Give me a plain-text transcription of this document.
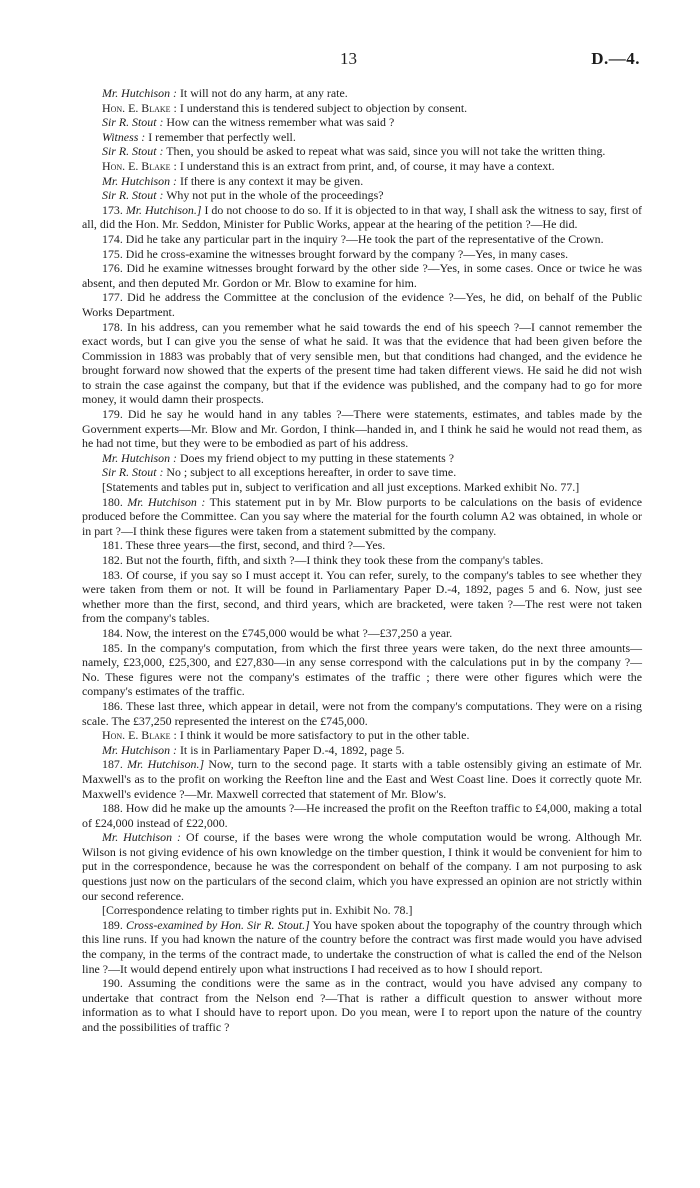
13	D.—4.

Mr. Hutchison : It will not do any harm, at any rate.

Hon. E. Blake : I understand this is tendered subject to objection by consent.

Sir R. Stout : How can the witness remember what was said ?

Witness : I remember that perfectly well.

Sir R. Stout : Then, you should be asked to repeat what was said, since you will not take the written thing.

Hon. E. Blake : I understand this is an extract from print, and, of course, it may have a context.

Mr. Hutchison : If there is any context it may be given.

Sir R. Stout : Why not put in the whole of the proceedings?

173. Mr. Hutchison.] I do not choose to do so. If it is objected to in that way, I shall ask the witness to say, first of all, did the Hon. Mr. Seddon, Minister for Public Works, appear at the hearing of the petition ?—He did.

174. Did he take any particular part in the inquiry ?—He took the part of the representative of the Crown.

175. Did he cross-examine the witnesses brought forward by the company ?—Yes, in many cases.

176. Did he examine witnesses brought forward by the other side ?—Yes, in some cases. Once or twice he was absent, and then deputed Mr. Gordon or Mr. Blow to examine for him.

177. Did he address the Committee at the conclusion of the evidence ?—Yes, he did, on behalf of the Public Works Department.

178. In his address, can you remember what he said towards the end of his speech ?—I cannot remember the exact words, but I can give you the sense of what he said. It was that the evidence that had been given before the Commission in 1883 was probably that of very sensible men, but that conditions had changed, and the evidence he brought forward now showed that the experts of the present time had taken different views. He said he did not wish to strain the case against the company, but that if the evidence was published, and the company had to go for more money, it would damn their prospects.

179. Did he say he would hand in any tables ?—There were statements, estimates, and tables made by the Government experts—Mr. Blow and Mr. Gordon, I think—handed in, and I think he said he would not read them, as he had not time, but they were to be embodied as part of his address.

Mr. Hutchison : Does my friend object to my putting in these statements ?

Sir R. Stout : No ; subject to all exceptions hereafter, in order to save time.

[Statements and tables put in, subject to verification and all just exceptions. Marked exhibit No. 77.]

180. Mr. Hutchison : This statement put in by Mr. Blow purports to be calculations on the basis of evidence produced before the Committee. Can you say where the material for the fourth column A2 was obtained, in whole or in part ?—I think these figures were taken from a statement submitted by the company.

181. These three years—the first, second, and third ?—Yes.

182. But not the fourth, fifth, and sixth ?—I think they took these from the company's tables.

183. Of course, if you say so I must accept it. You can refer, surely, to the company's tables to see whether they were taken from them or not. It will be found in Parliamentary Paper D.-4, 1892, pages 5 and 6. Now, just see whether more than the first, second, and third years, which are bracketed, were taken ?—The rest were not taken from the company's tables.

184. Now, the interest on the £745,000 would be what ?—£37,250 a year.

185. In the company's computation, from which the first three years were taken, do the next three amounts—namely, £23,000, £25,300, and £27,830—in any sense correspond with the calculations put in by the company ?—No. These figures were not the company's estimates of the traffic ; there were other figures which were the company's estimates of the traffic.

186. These last three, which appear in detail, were not from the company's computations. They were on a rising scale. The £37,250 represented the interest on the £745,000.

Hon. E. Blake : I think it would be more satisfactory to put in the other table.

Mr. Hutchison : It is in Parliamentary Paper D.-4, 1892, page 5.

187. Mr. Hutchison.] Now, turn to the second page. It starts with a table ostensibly giving an estimate of Mr. Maxwell's as to the profit on working the Reefton line and the East and West Coast line. Does it correctly quote Mr. Maxwell's evidence ?—Mr. Maxwell corrected that statement of Mr. Blow's.

188. How did he make up the amounts ?—He increased the profit on the Reefton traffic to £4,000, making a total of £24,000 instead of £22,000.

Mr. Hutchison : Of course, if the bases were wrong the whole computation would be wrong. Although Mr. Wilson is not giving evidence of his own knowledge on the timber question, I think it would be convenient for him to put in the correspondence, because he was the correspondent on behalf of the company. I am not purposing to ask questions just now on the particulars of the second claim, which you have expressed an opinion are not strictly within our second reference.

[Correspondence relating to timber rights put in. Exhibit No. 78.]

189. Cross-examined by Hon. Sir R. Stout.] You have spoken about the topography of the country through which this line runs. If you had known the nature of the country before the contract was first made would you have advised the company, in the terms of the contract made, to undertake the construction of what is called the end of the Nelson line ?—It would depend entirely upon what instructions I had received as to how I should report.

190. Assuming the conditions were the same as in the contract, would you have advised any company to undertake that contract from the Nelson end ?—That is rather a difficult question to answer without more information as to what I should have to report upon. Do you mean, were I to report upon the nature of the country and the possibilities of traffic ?
